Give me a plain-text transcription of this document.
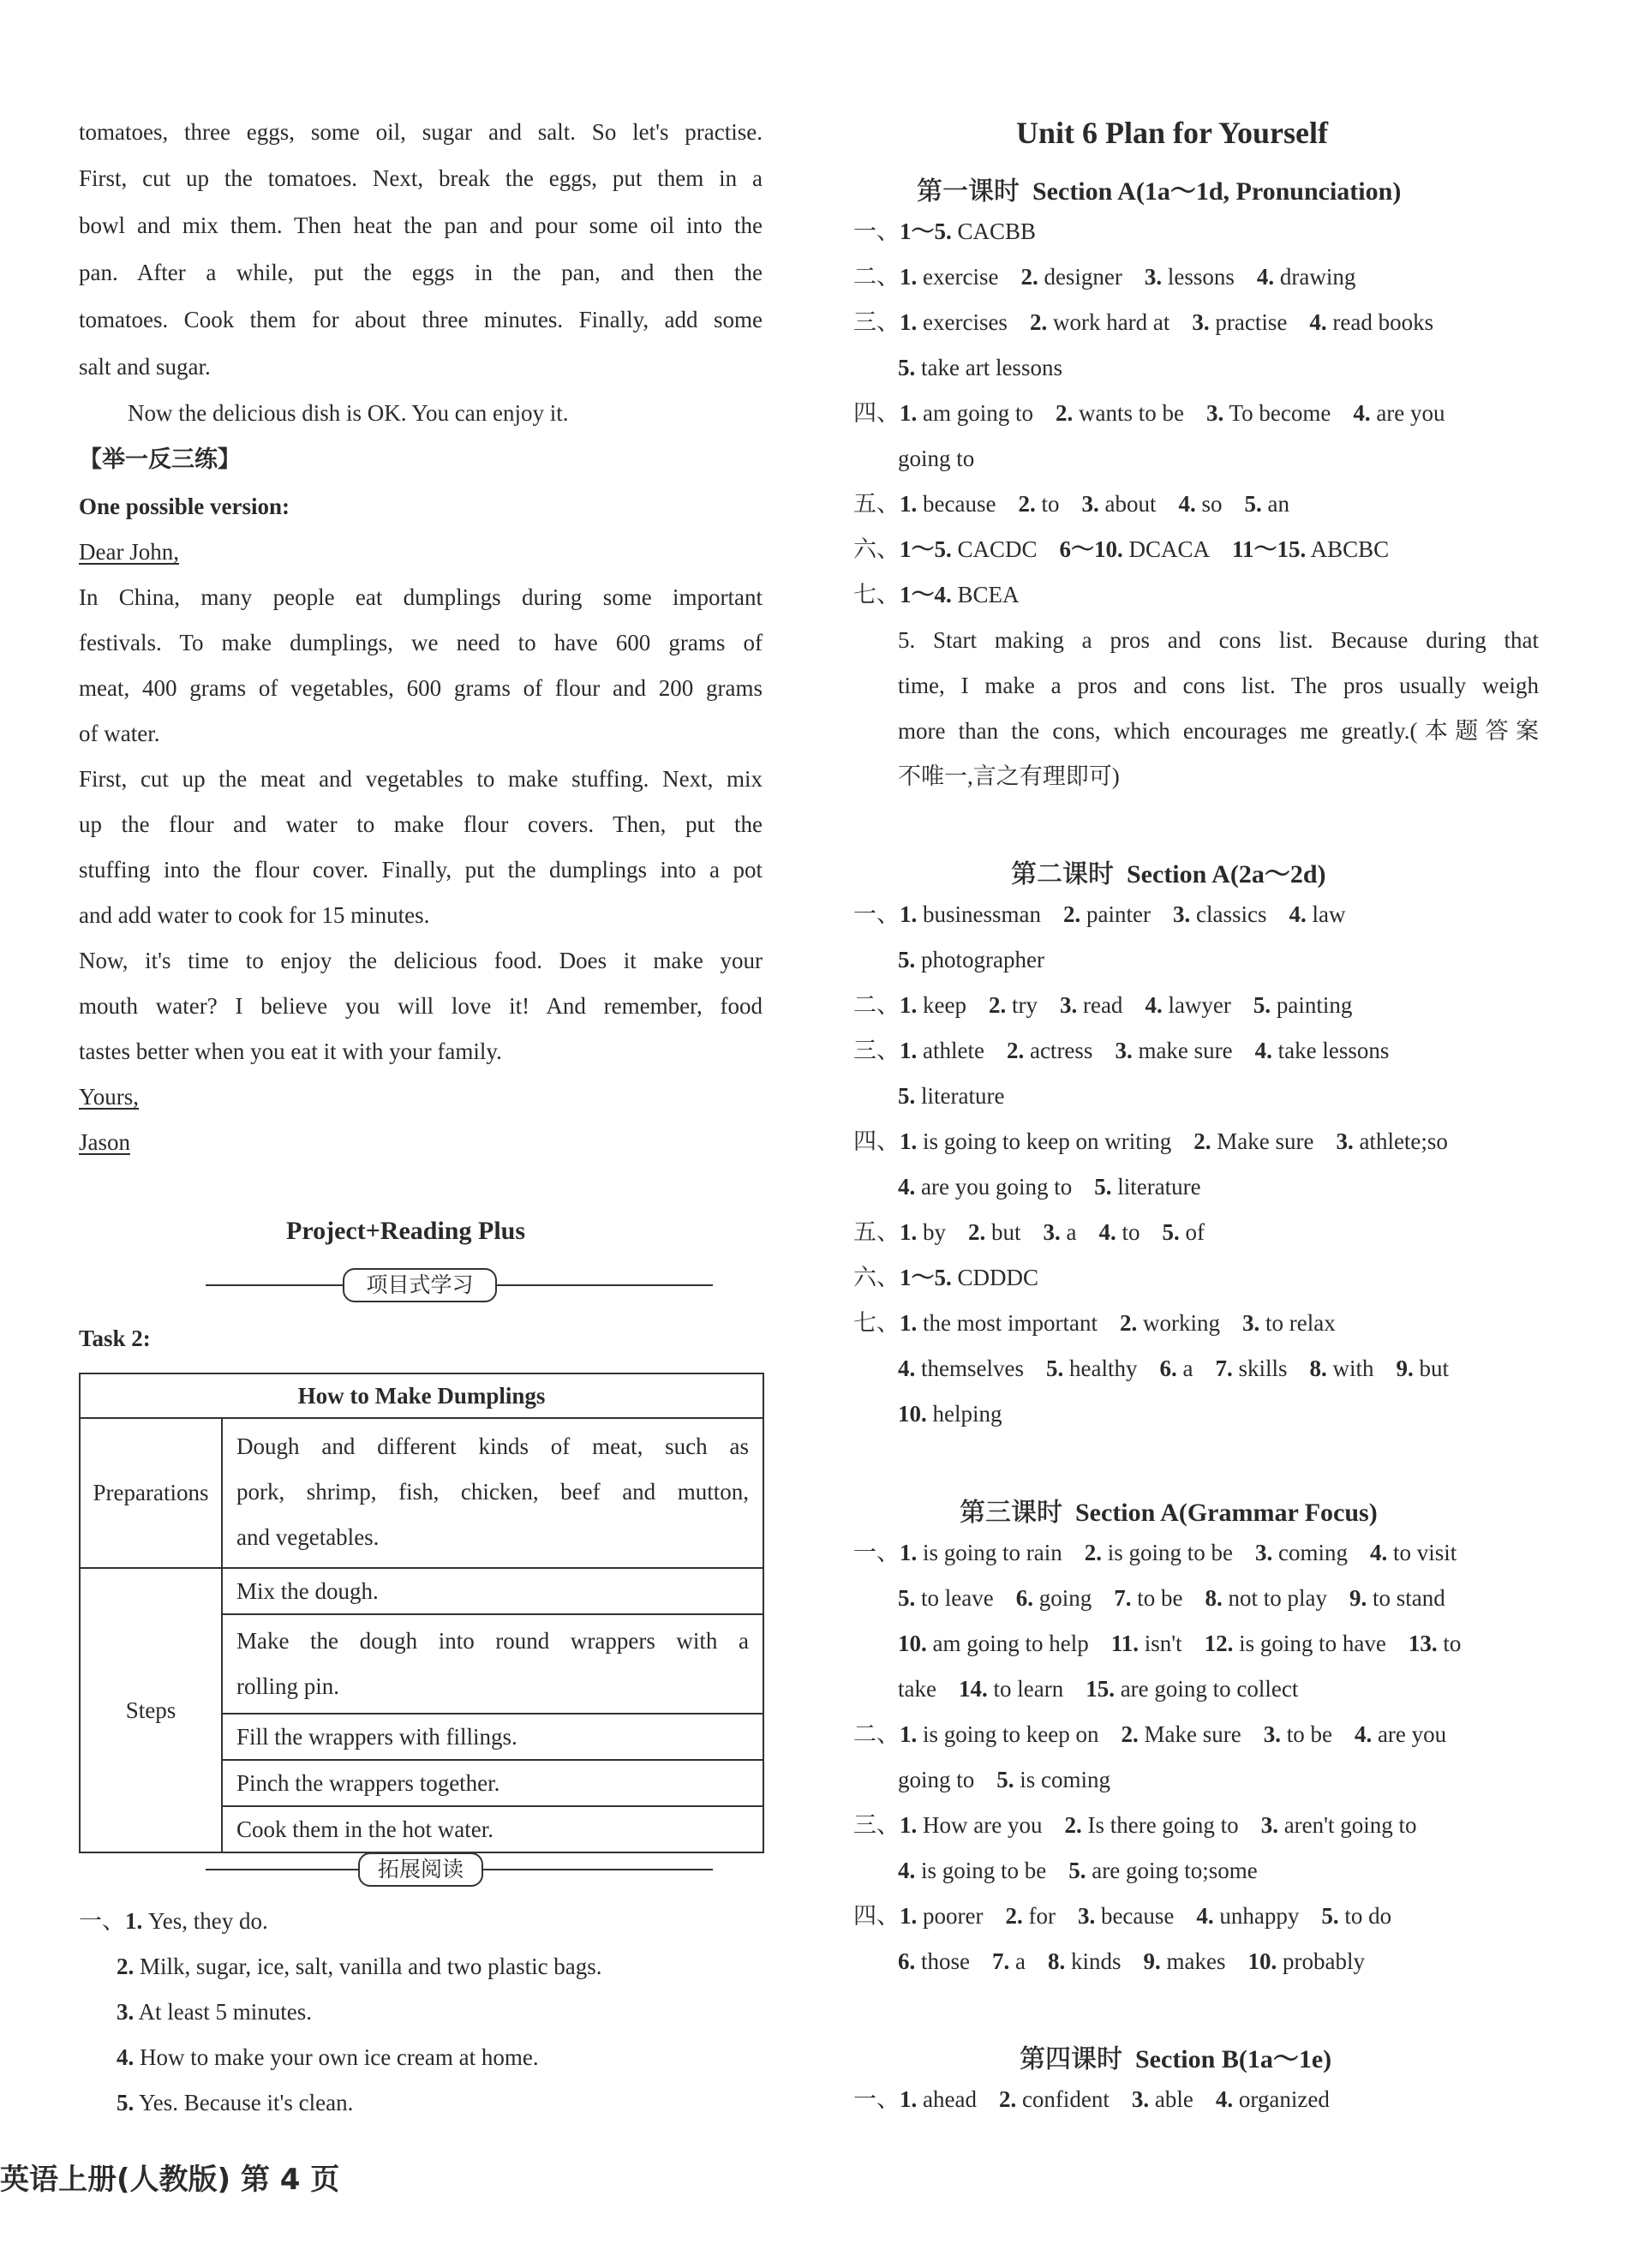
tomatoes, three eggs, some oil, sugar and salt. So let's practise.
First, cut up the tomatoes. Next, break the eggs, put them in a
bowl and mix them. Then heat the pan and pour some oil into the
pan. After a while, put the eggs in the pan, and then the
tomatoes. Cook them for about three minutes. Finally, add some
salt and sugar.
Now the delicious dish is OK. You can enjoy it.
【举一反三练】
One possible version:
Dear John,
In China, many people eat dumplings during some important
festivals. To make dumplings, we need to have 600 grams of
meat, 400 grams of vegetables, 600 grams of flour and 200 grams
of water.
First, cut up the meat and vegetables to make stuffing. Next, mix
up the flour and water to make flour covers. Then, put the
stuffing into the flour cover. Finally, put the dumplings into a pot
and add water to cook for 15 minutes.
Now, it's time to enjoy the delicious food. Does it make your
mouth water? I believe you will love it! And remember, food
tastes better when you eat it with your family.
Yours,
Jason
Project+Reading Plus
项目式学习
Task 2:
How to Make Dumplings	
Preparations	Dough and different kinds of meat, such as
pork, shrimp, fish, chicken, beef and mutton,
and vegetables.

Steps	Mix the dough.

	Make the dough into round wrappers with a
rolling pin.

	Fill the wrappers with fillings.
	Pinch the wrappers together.
	Cook them in the hot water.
拓展阅读
一、1. Yes, they do.
2. Milk, sugar, ice, salt, vanilla and two plastic bags.
3. At least 5 minutes.
4. How to make your own ice cream at home.
5. Yes. Because it's clean.
英语上册(人教版) 第 4 页
Unit 6 Plan for Yourself
第一课时 Section A(1a～1d, Pronunciation)
一、1～5. CACBB
二、1. exercise 2. designer 3. lessons 4. drawing
三、1. exercises 2. work hard at 3. practise 4. read books
5. take art lessons
四、1. am going to 2. wants to be 3. To become 4. are you
going to
五、1. because 2. to 3. about 4. so 5. an
六、1～5. CACDC 6～10. DCACA 11～15. ABCBC
七、1～4. BCEA
5. Start making a pros and cons list. Because during that
time, I make a pros and cons list. The pros usually weigh
more than the cons, which encourages me greatly.(本题答案
不唯一,言之有理即可)
第二课时 Section A(2a～2d)
一、1. businessman 2. painter 3. classics 4. law
5. photographer
二、1. keep 2. try 3. read 4. lawyer 5. painting
三、1. athlete 2. actress 3. make sure 4. take lessons
5. literature
四、1. is going to keep on writing 2. Make sure 3. athlete;so
4. are you going to 5. literature
五、1. by 2. but 3. a 4. to 5. of
六、1～5. CDDDC
七、1. the most important 2. working 3. to relax
4. themselves 5. healthy 6. a 7. skills 8. with 9. but
10. helping
第三课时 Section A(Grammar Focus)
一、1. is going to rain 2. is going to be 3. coming 4. to visit
5. to leave 6. going 7. to be 8. not to play 9. to stand
10. am going to help 11. isn't 12. is going to have 13. to
take 14. to learn 15. are going to collect
二、1. is going to keep on 2. Make sure 3. to be 4. are you
going to 5. is coming
三、1. How are you 2. Is there going to 3. aren't going to
4. is going to be 5. are going to;some
四、1. poorer 2. for 3. because 4. unhappy 5. to do
6. those 7. a 8. kinds 9. makes 10. probably
第四课时 Section B(1a～1e)
一、1. ahead 2. confident 3. able 4. organized
